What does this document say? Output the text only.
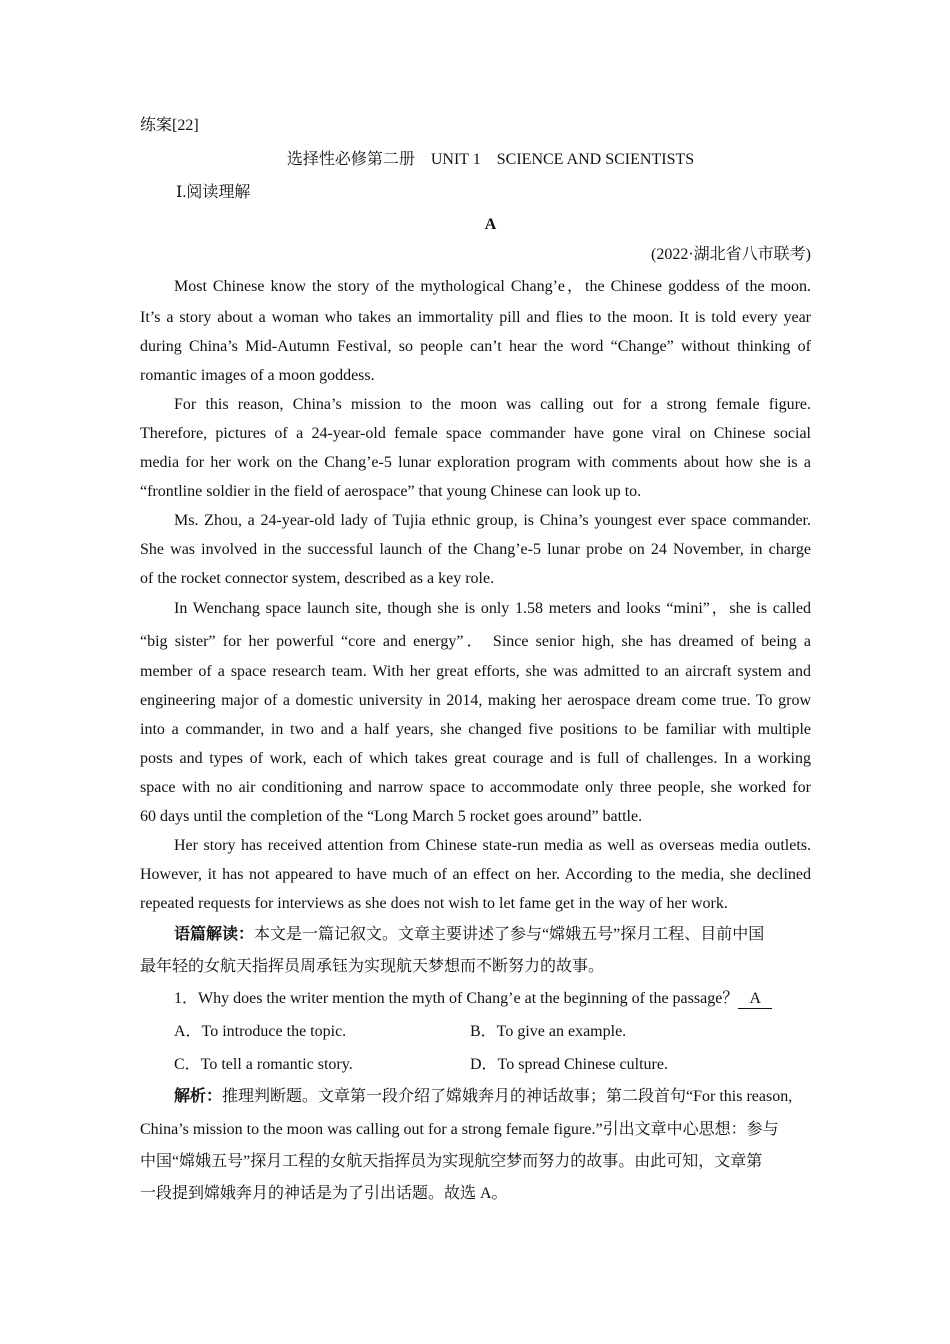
练案[22]
选择性必修第二册　UNIT 1　SCIENCE AND SCIENTISTS
Ⅰ.阅读理解
A
(2022·湖北省八市联考)
Most Chinese know the story of the mythological Chang’e，the Chinese goddess of the moon.
It’s a story about a woman who takes an immortality pill and flies to the moon. It is told every year
during China’s Mid-Autumn Festival, so people can’t hear the word “Change” without thinking of
romantic images of a moon goddess.
For this reason, China’s mission to the moon was calling out for a strong female figure.
Therefore, pictures of a 24-year-old female space commander have gone viral on Chinese social
media for her work on the Chang’e-5 lunar exploration program with comments about how she is a
“frontline soldier in the field of aerospace” that young Chinese can look up to.
Ms. Zhou, a 24-year-old lady of Tujia ethnic group, is China’s youngest ever space commander.
She was involved in the successful launch of the Chang’e-5 lunar probe on 24 November, in charge
of the rocket connector system, described as a key role.
In Wenchang space launch site, though she is only 1.58 meters and looks “mini”，she is called
“big sister” for her powerful “core and energy”． Since senior high, she has dreamed of being a
member of a space research team. With her great efforts, she was admitted to an aircraft system and
engineering major of a domestic university in 2014, making her aerospace dream come true. To grow
into a commander, in two and a half years, she changed five positions to be familiar with multiple
posts and types of work, each of which takes great courage and is full of challenges. In a working
space with no air conditioning and narrow space to accommodate only three people, she worked for
60 days until the completion of the “Long March 5 rocket goes around” battle.
Her story has received attention from Chinese state-run media as well as overseas media outlets.
However, it has not appeared to have much of an effect on her. According to the media, she declined
repeated requests for interviews as she does not wish to let fame get in the way of her work.
语篇解读：本文是一篇记叙文。文章主要讲述了参与“嫦娥五号”探月工程、目前中国
最年轻的女航天指挥员周承钰为实现航天梦想而不断努力的故事。
1．Why does the writer mention the myth of Chang’e at the beginning of the passage？ A
A．To introduce the topic.	B．To give an example.
C．To tell a romantic story.	D．To spread Chinese culture.
解析：推理判断题。文章第一段介绍了嫦娥奔月的神话故事；第二段首句“For this reason,
China’s mission to the moon was calling out for a strong female figure.”引出文章中心思想：参与
中国“嫦娥五号”探月工程的女航天指挥员为实现航空梦而努力的故事。由此可知，文章第
一段提到嫦娥奔月的神话是为了引出话题。故选 A。
